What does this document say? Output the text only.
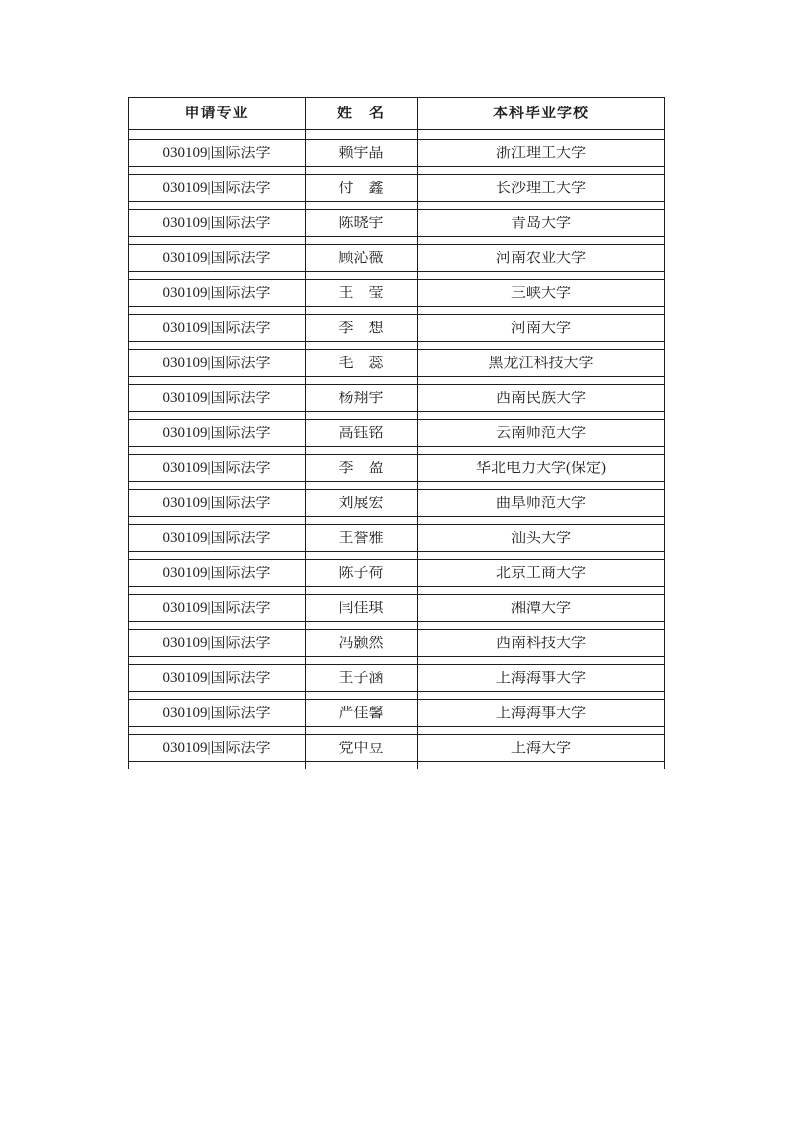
申请专业	姓　名	本科毕业学校
030109|国际法学	赖宇晶	浙江理工大学
030109|国际法学	付　鑫	长沙理工大学
030109|国际法学	陈晓宇	青岛大学
030109|国际法学	顾沁薇	河南农业大学
030109|国际法学	王　莹	三峡大学
030109|国际法学	李　想	河南大学
030109|国际法学	毛　蕊	黑龙江科技大学
030109|国际法学	杨翔宇	西南民族大学
030109|国际法学	高钰铭	云南师范大学
030109|国际法学	李　盈	华北电力大学(保定)
030109|国际法学	刘展宏	曲阜师范大学
030109|国际法学	王誉雅	汕头大学
030109|国际法学	陈子荷	北京工商大学
030109|国际法学	闫佳琪	湘潭大学
030109|国际法学	冯颢然	西南科技大学
030109|国际法学	王子涵	上海海事大学
030109|国际法学	严佳馨	上海海事大学
030109|国际法学	党中豆	上海大学
